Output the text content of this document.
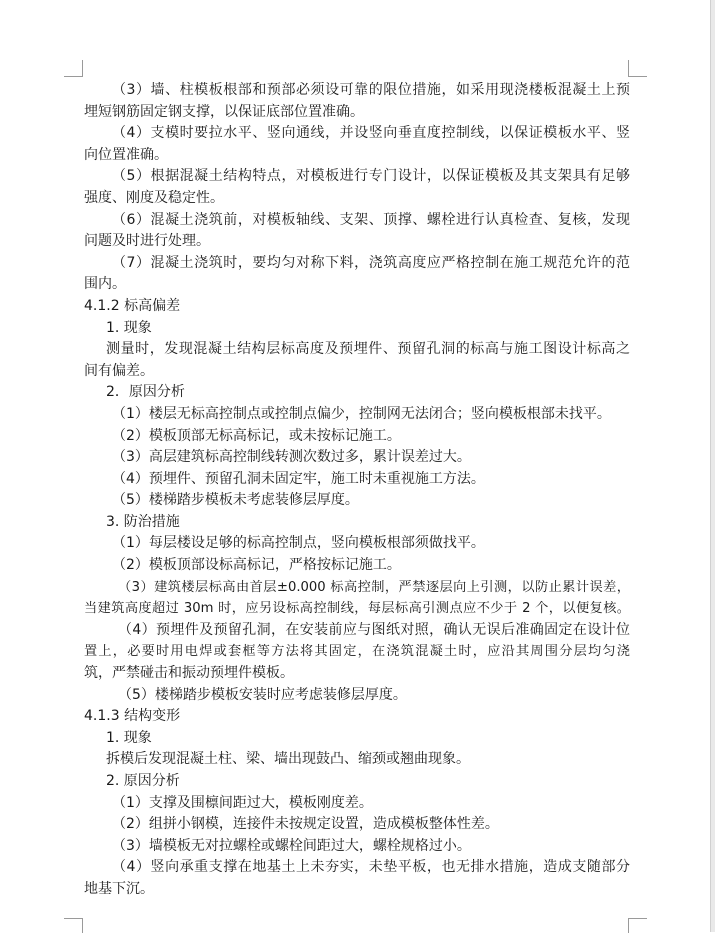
（3）墙、柱模板根部和预部必须设可靠的限位措施，如采用现浇楼板混凝土上预
埋短钢筋固定钢支撑，以保证底部位置准确。
（4）支模时要拉水平、竖向通线，并设竖向垂直度控制线，以保证模板水平、竖
向位置准确。
（5）根据混凝土结构特点，对模板进行专门设计，以保证模板及其支架具有足够
强度、刚度及稳定性。
（6）混凝土浇筑前，对模板轴线、支架、顶撑、螺栓进行认真检查、复核，发现
问题及时进行处理。
（7）混凝土浇筑时，要均匀对称下料，浇筑高度应严格控制在施工规范允许的范
围内。
4.1.2 标高偏差
1. 现象
测量时，发现混凝土结构层标高度及预埋件、预留孔洞的标高与施工图设计标高之
间有偏差。
2．原因分析
（1）楼层无标高控制点或控制点偏少，控制网无法闭合；竖向模板根部未找平。
（2）模板顶部无标高标记，或未按标记施工。
（3）高层建筑标高控制线转测次数过多，累计误差过大。
（4）预埋件、预留孔洞未固定牢，施工时未重视施工方法。
（5）楼梯踏步模板未考虑装修层厚度。
3. 防治措施
（1）每层楼设足够的标高控制点，竖向模板根部须做找平。
（2）模板顶部设标高标记，严格按标记施工。
（3）建筑楼层标高由首层±0.000 标高控制，严禁逐层向上引测，以防止累计误差，
当建筑高度超过 30m 时，应另设标高控制线，每层标高引测点应不少于 2 个，以便复核。
（4）预埋件及预留孔洞，在安装前应与图纸对照，确认无误后准确固定在设计位
置上，必要时用电焊或套框等方法将其固定，在浇筑混凝土时，应沿其周围分层均匀浇
筑，严禁碰击和振动预埋件模板。
（5）楼梯踏步模板安装时应考虑装修层厚度。
4.1.3 结构变形
1. 现象
拆模后发现混凝土柱、梁、墙出现鼓凸、缩颈或翘曲现象。
2. 原因分析
（1）支撑及围檩间距过大，模板刚度差。
（2）组拼小钢模，连接件未按规定设置，造成模板整体性差。
（3）墙模板无对拉螺栓或螺栓间距过大，螺栓规格过小。
（4）竖向承重支撑在地基土上未夯实，未垫平板，也无排水措施，造成支随部分
地基下沉。
